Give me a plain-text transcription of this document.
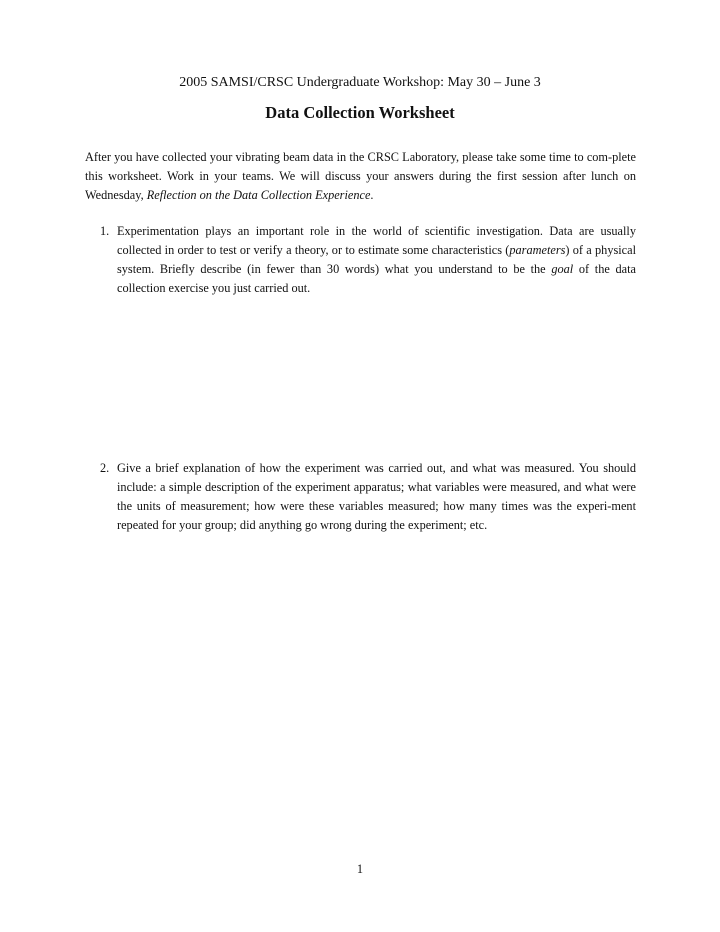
2005 SAMSI/CRSC Undergraduate Workshop: May 30 – June 3
Data Collection Worksheet

After you have collected your vibrating beam data in the CRSC Laboratory, please take some time to com-plete this worksheet. Work in your teams. We will discuss your answers during the first session after lunch on Wednesday, Reflection on the Data Collection Experience.

1. Experimentation plays an important role in the world of scientific investigation. Data are usually collected in order to test or verify a theory, or to estimate some characteristics (parameters) of a physical system. Briefly describe (in fewer than 30 words) what you understand to be the goal of the data collection exercise you just carried out.
2. Give a brief explanation of how the experiment was carried out, and what was measured. You should include: a simple description of the experiment apparatus; what variables were measured, and what were the units of measurement; how were these variables measured; how many times was the experi-ment repeated for your group; did anything go wrong during the experiment; etc.
1
